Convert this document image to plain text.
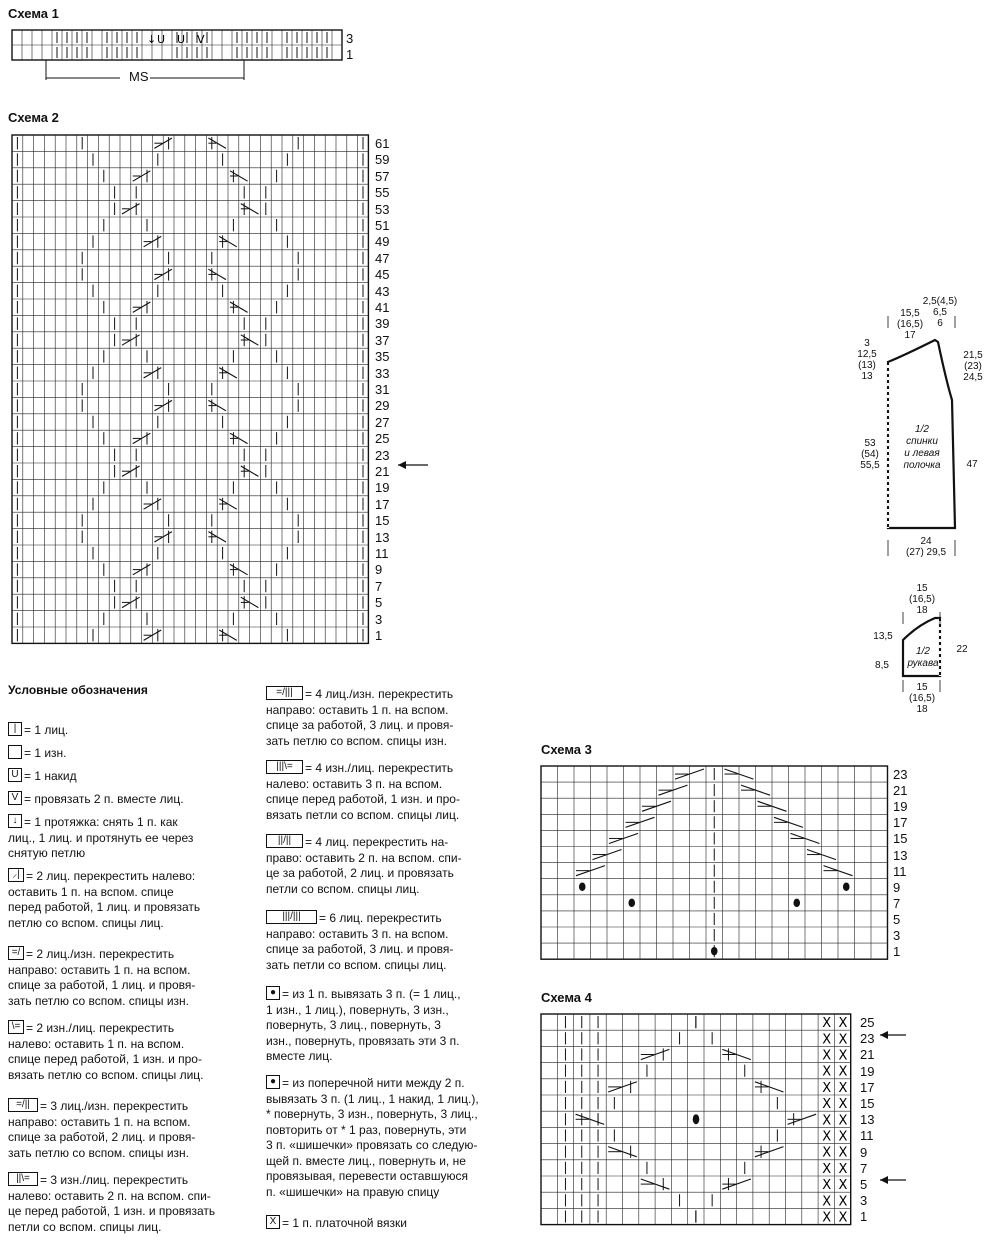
Схема 1
Схема 2
Схема 3
Схема 4
↓ U U V
X X
X X
X X
X X
X X
X X
X X
X X
X X
X X
X X
X X
X X
3
1
MS
61
59
57
55
53
51
49
47
45
43
41
39
37
35
33
31
29
27
25
23
21
19
17
15
13
11
9
7
5
3
1
23
21
19
17
15
13
11
9
7
5
3
1
25
23
21
19
17
15
13
11
9
7
5
3
1
Условные обозначения
| = 1 лиц.
= 1 изн.
U = 1 накид
V = провязать 2 п. вместе лиц.
↓ = 1 протяжка: снять 1 п. как
лиц., 1 лиц. и протянуть ее через
снятую петлю
⸝| = 2 лиц. перекрестить налево:
оставить 1 п. на вспом. спице
перед работой, 1 лиц. и провязать
петлю со вспом. спицы лиц.
=/ = 2 лиц./изн. перекрестить
направо: оставить 1 п. на вспом.
спице за работой, 1 лиц. и провя-
зать петлю со вспом. спицы изн.
\= = 2 изн./лиц. перекрестить
налево: оставить 1 п. на вспом.
спице перед работой, 1 изн. и про-
вязать петлю со вспом. спицы лиц.
=/|| = 3 лиц./изн. перекрестить
направо: оставить 1 п. на вспом.
спице за работой, 2 лиц. и провя-
зать петлю со вспом. спицы изн.
||\= = 3 изн./лиц. перекрестить
налево: оставить 2 п. на вспом. спи-
це перед работой, 1 изн. и провязать
петли со вспом. спицы лиц.
=/||| = 4 лиц./изн. перекрестить
направо: оставить 1 п. на вспом.
спице за работой, 3 лиц. и провя-
зать петлю со вспом. спицы изн.
|||\= = 4 изн./лиц. перекрестить
налево: оставить 3 п. на вспом.
спице перед работой, 1 изн. и про-
вязать петли со вспом. спицы лиц.
||/|| = 4 лиц. перекрестить на-
право: оставить 2 п. на вспом. спи-
це за работой, 2 лиц. и провязать
петли со вспом. спицы лиц.
|||/||| = 6 лиц. перекрестить
направо: оставить 3 п. на вспом.
спице за работой, 3 лиц. и провя-
зать петли со вспом. спицы лиц.
● = из 1 п. вывязать 3 п. (= 1 лиц.,
1 изн., 1 лиц.), повернуть, 3 изн.,
повернуть, 3 лиц., повернуть, 3
изн., повернуть, провязать эти 3 п.
вместе лиц.
● = из поперечной нити между 2 п.
вывязать 3 п. (1 лиц., 1 накид, 1 лиц.),
* повернуть, 3 изн., повернуть, 3 лиц.,
повторить от * 1 раз, повернуть, эти
3 п. «шишечки» провязать со следую-
щей п. вместе лиц., повернуть и, не
провязывая, перевести оставшуюся
п. «шишечки» на правую спицу
X = 1 п. платочной вязки
1/2
спинки
и левая
полочка
15,5
(16,5)
17
2,5(4,5)
6,5
6
3
12,5
(13)
13
21,5
(23)
24,5
53
(54)
55,5	47
24
(27) 29,5
1/2
рукава
15
(16,5)
18
13,5
8,5
22
15
(16,5)
18
